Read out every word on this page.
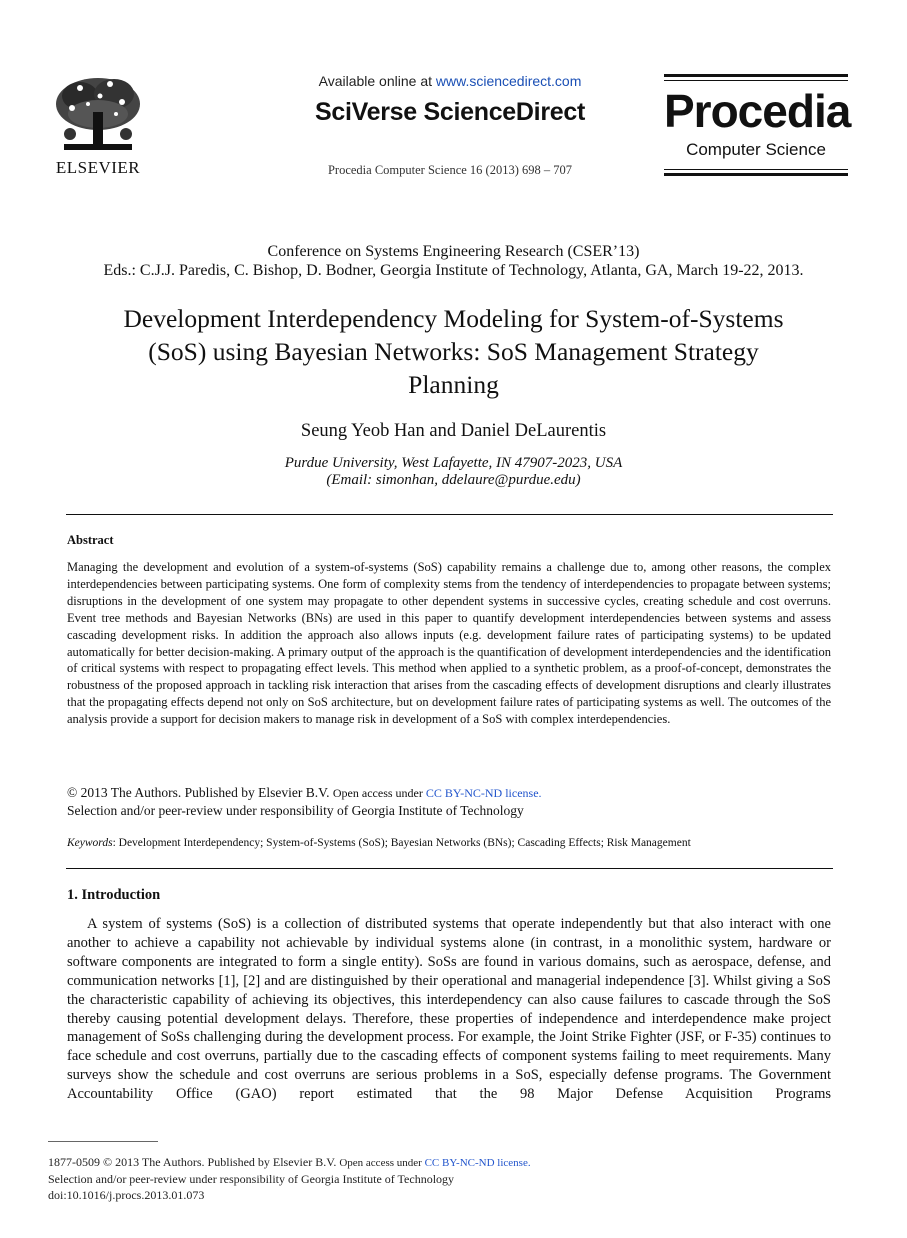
ELSEVIER
Available online at www.sciencedirect.com
SciVerse ScienceDirect
Procedia Computer Science 16 (2013) 698 – 707
Procedia
Computer Science
Conference on Systems Engineering Research (CSER’13)
Eds.: C.J.J. Paredis, C. Bishop, D. Bodner, Georgia Institute of Technology, Atlanta, GA, March 19-22, 2013.
Development Interdependency Modeling for System-of-Systems
(SoS) using Bayesian Networks: SoS Management Strategy
Planning
Seung Yeob Han and Daniel DeLaurentis
Purdue University, West Lafayette, IN 47907-2023, USA
(Email: simonhan, ddelaure@purdue.edu)
Abstract
Managing the development and evolution of a system-of-systems (SoS) capability remains a challenge due to, among other reasons, the complex interdependencies between participating systems. One form of complexity stems from the tendency of interdependencies to propagate between systems; disruptions in the development of one system may propagate to other dependent systems in successive cycles, creating schedule and cost overruns. Event tree methods and Bayesian Networks (BNs) are used in this paper to quantify development interdependencies between systems and assess cascading development risks. In addition the approach also allows inputs (e.g. development failure rates of participating systems) to be updated automatically for better decision-making. A primary output of the approach is the quantification of development interdependencies and the identification of critical systems with respect to propagating effect levels. This method when applied to a synthetic problem, as a proof-of-concept, demonstrates the robustness of the proposed approach in tackling risk interaction that arises from the cascading effects of development disruptions and clearly illustrates that the propagating effects depend not only on SoS architecture, but on development failure rates of participating systems as well. The outcomes of the analysis provide a support for decision makers to manage risk in development of a SoS with complex interdependencies.
© 2013 The Authors. Published by Elsevier B.V. Open access under CC BY-NC-ND license.
Selection and/or peer-review under responsibility of Georgia Institute of Technology
Keywords: Development Interdependency; System-of-Systems (SoS); Bayesian Networks (BNs); Cascading Effects; Risk Management
1. Introduction

A system of systems (SoS) is a collection of distributed systems that operate independently but that also interact with one another to achieve a capability not achievable by individual systems alone (in contrast, in a monolithic system, hardware or software components are integrated to form a single entity). SoSs are found in various domains, such as aerospace, defense, and communication networks [1], [2] and are distinguished by their operational and managerial independence [3]. Whilst giving a SoS the characteristic capability of achieving its objectives, this interdependency can also cause failures to cascade through the SoS thereby causing potential development delays. Therefore, these properties of independence and interdependence make project management of SoSs challenging during the development process. For example, the Joint Strike Fighter (JSF, or F-35) continues to face schedule and cost overruns, partially due to the cascading effects of component systems failing to meet requirements. Many surveys show the schedule and cost overruns are serious problems in a SoS, especially defense programs. The Government Accountability Office (GAO) report estimated that the 98 Major Defense Acquisition Programs

1877-0509 © 2013 The Authors. Published by Elsevier B.V. Open access under CC BY-NC-ND license.
Selection and/or peer-review under responsibility of Georgia Institute of Technology
doi:10.1016/j.procs.2013.01.073
